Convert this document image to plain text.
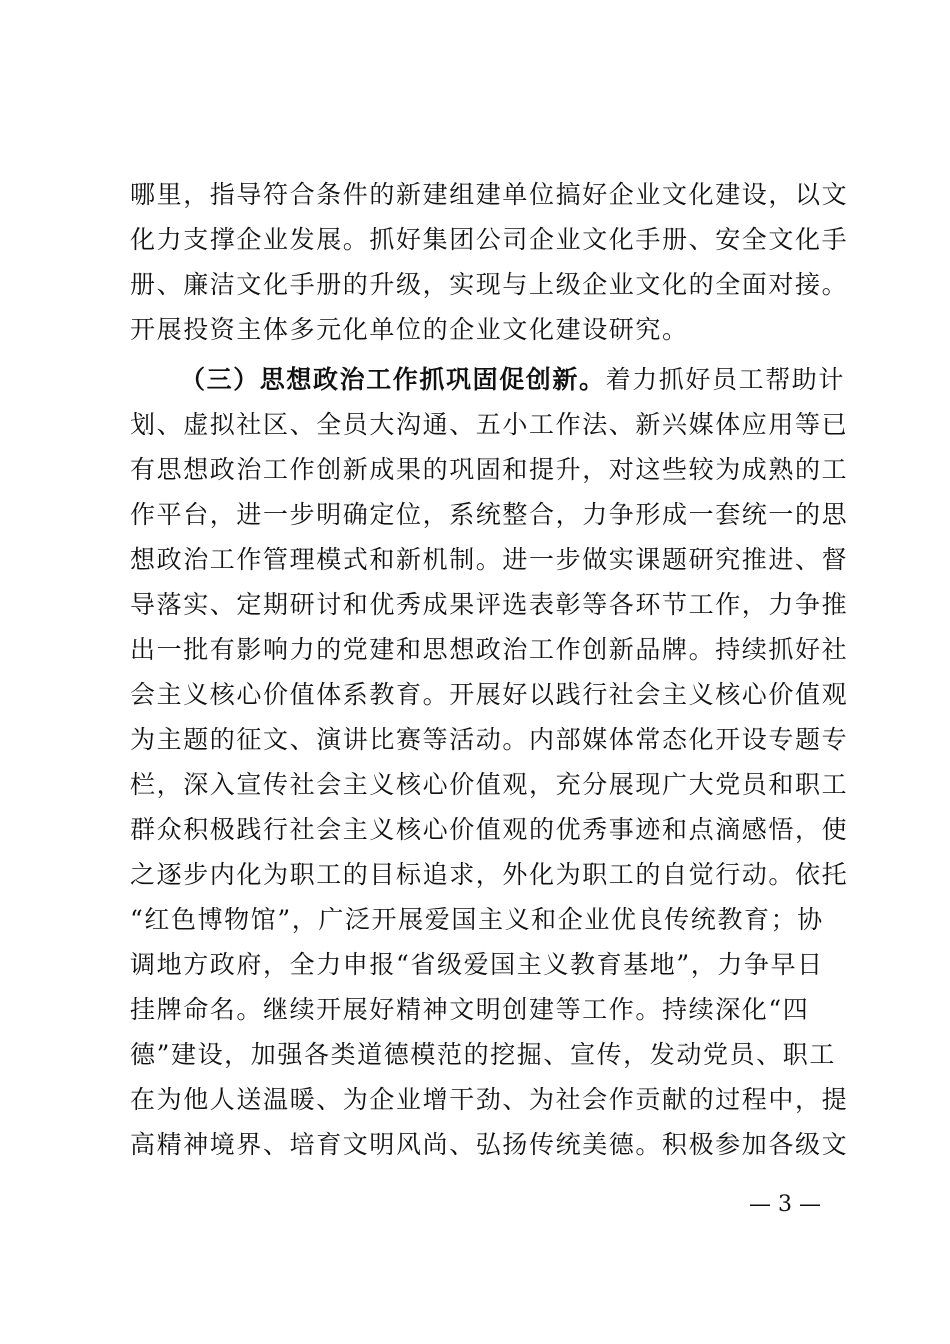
哪里，指导符合条件的新建组建单位搞好企业文化建设，以文
化力支撑企业发展。抓好集团公司企业文化手册、安全文化手
册、廉洁文化手册的升级，实现与上级企业文化的全面对接。
开展投资主体多元化单位的企业文化建设研究。
（三）思想政治工作抓巩固促创新。着力抓好员工帮助计
划、虚拟社区、全员大沟通、五小工作法、新兴媒体应用等已
有思想政治工作创新成果的巩固和提升，对这些较为成熟的工
作平台，进一步明确定位，系统整合，力争形成一套统一的思
想政治工作管理模式和新机制。进一步做实课题研究推进、督
导落实、定期研讨和优秀成果评选表彰等各环节工作，力争推
出一批有影响力的党建和思想政治工作创新品牌。持续抓好社
会主义核心价值体系教育。开展好以践行社会主义核心价值观
为主题的征文、演讲比赛等活动。内部媒体常态化开设专题专
栏，深入宣传社会主义核心价值观，充分展现广大党员和职工
群众积极践行社会主义核心价值观的优秀事迹和点滴感悟，使
之逐步内化为职工的目标追求，外化为职工的自觉行动。依托
“红色博物馆”，广泛开展爱国主义和企业优良传统教育；协
调地方政府，全力申报“省级爱国主义教育基地”，力争早日
挂牌命名。继续开展好精神文明创建等工作。持续深化“四
德”建设，加强各类道德模范的挖掘、宣传，发动党员、职工
在为他人送温暖、为企业增干劲、为社会作贡献的过程中，提
高精神境界、培育文明风尚、弘扬传统美德。积极参加各级文
— 3 —
